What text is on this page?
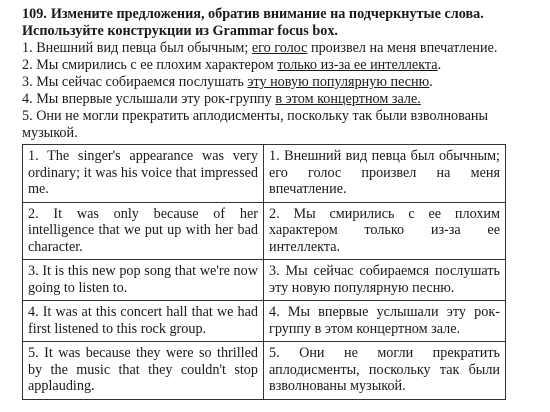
109. Измените предложения, обратив внимание на подчеркнутые слова.

Используйте конструкции из Grammar focus box.

1. Внешний вид певца был обычным; его голос произвел на меня впечатление.

2. Мы смирились с ее плохим характером только из-за ее интеллекта.

3. Мы сейчас собираемся послушать эту новую популярную песню.

4. Мы впервые услышали эту рок-группу в этом концертном зале.

5. Они не могли прекратить аплодисменты, поскольку так были взволнованы музыкой.

1. The singer's appearance was very ordinary; it was his voice that impressed me.	1. Внешний вид певца был обычным; его голос произвел на меня впечатление.
2. It was only because of her intelligence that we put up with her bad character.	2. Мы смирились с ее плохим характером только из-за ее интеллекта.
3. It is this new pop song that we're now going to listen to.	3. Мы сейчас собираемся послушать эту новую популярную песню.
4. It was at this concert hall that we had first listened to this rock group.	4. Мы впервые услышали эту рок-группу в этом концертном зале.
5. It was because they were so thrilled by the music that they couldn't stop applauding.	5. Они не могли прекратить аплодисменты, поскольку так были взволнованы музыкой.
